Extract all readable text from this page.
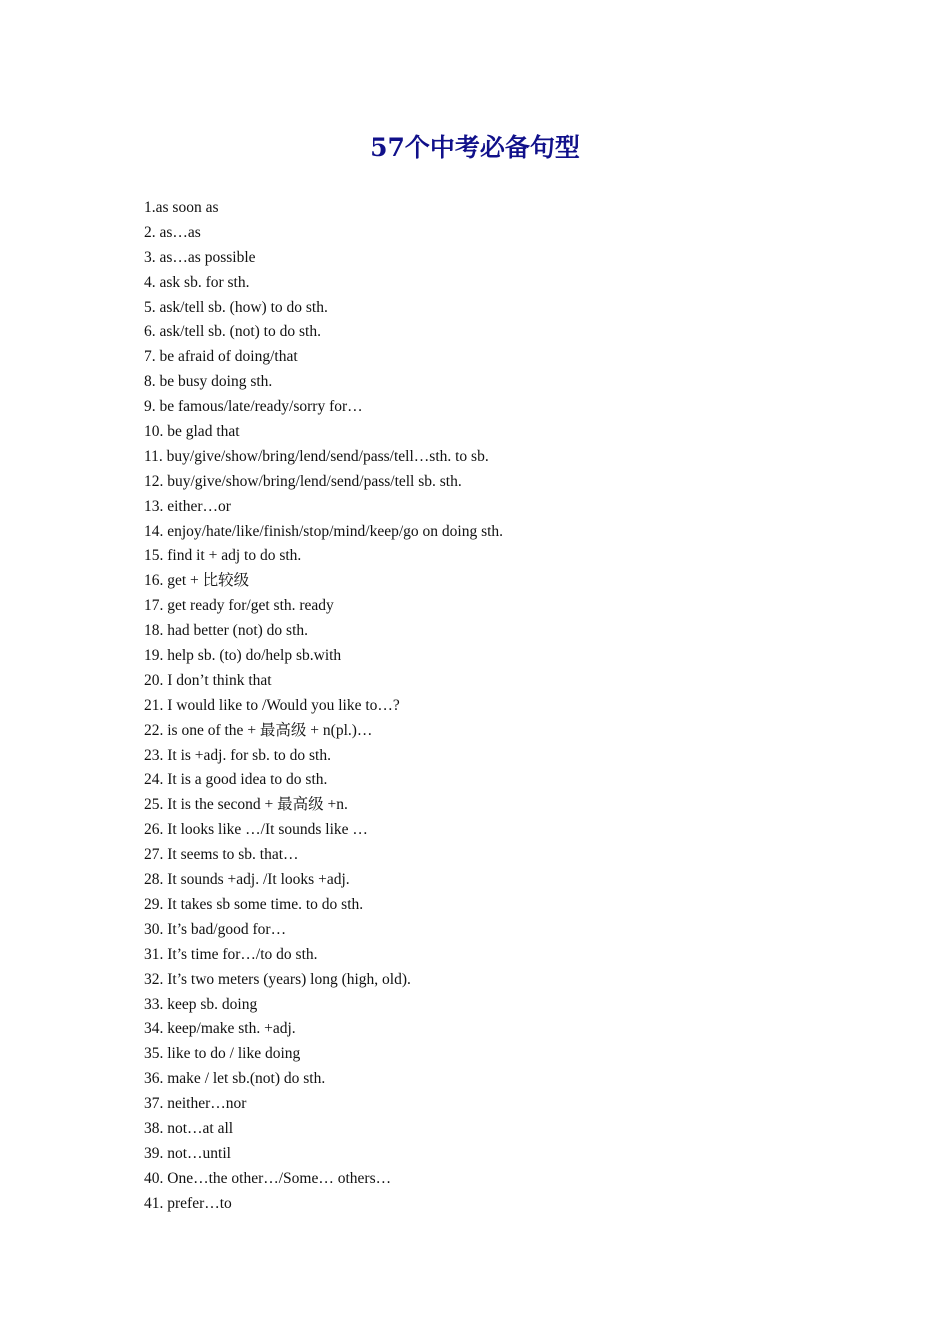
57个中考必备句型
1.as soon as
2. as…as
3. as…as possible
4. ask sb. for sth.
5. ask/tell sb. (how) to do sth.
6. ask/tell sb. (not) to do sth.
7. be afraid of doing/that
8. be busy doing sth.
9. be famous/late/ready/sorry for…
10. be glad that
11. buy/give/show/bring/lend/send/pass/tell…sth. to sb.
12. buy/give/show/bring/lend/send/pass/tell sb. sth.
13. either…or
14. enjoy/hate/like/finish/stop/mind/keep/go on doing sth.
15. find it + adj to do sth.
16. get + 比较级
17. get ready for/get sth. ready
18. had better (not) do sth.
19. help sb. (to) do/help sb.with
20. I don’t think that
21. I would like to /Would you like to…?
22. is one of the + 最高级 + n(pl.)…
23. It is +adj. for sb. to do sth.
24. It is a good idea to do sth.
25. It is the second + 最高级 +n.
26. It looks like …/It sounds like …
27. It seems to sb. that…
28. It sounds +adj. /It looks +adj.
29. It takes sb some time. to do sth.
30. It’s bad/good for…
31. It’s time for…/to do sth.
32. It’s two meters (years) long (high, old).
33. keep sb. doing
34. keep/make sth. +adj.
35. like to do / like doing
36. make / let sb.(not) do sth.
37. neither…nor
38. not…at all
39. not…until
40. One…the other…/Some… others…
41. prefer…to
